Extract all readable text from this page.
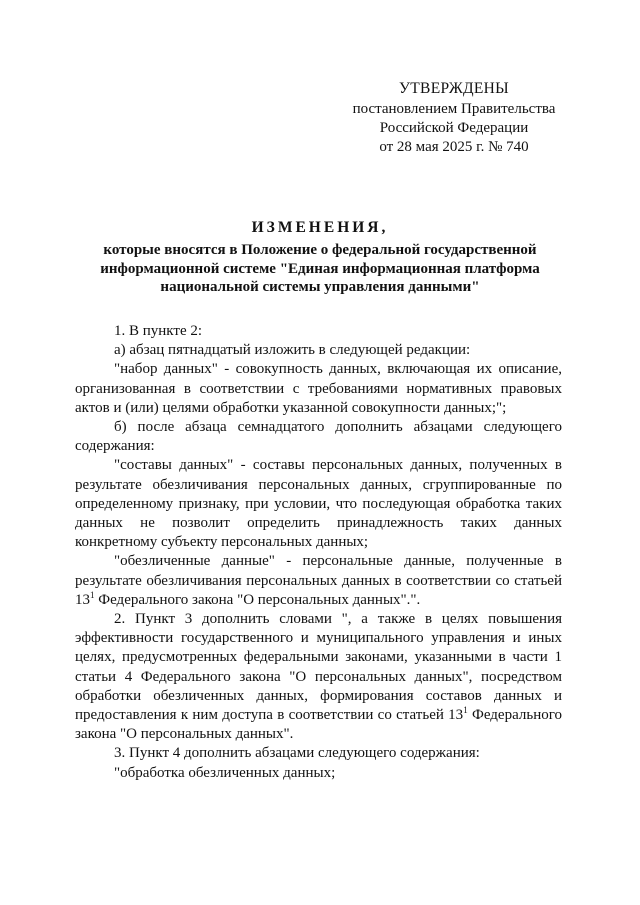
УТВЕРЖДЕНЫ
постановлением Правительства
Российской Федерации
от 28 мая 2025 г. № 740
ИЗМЕНЕНИЯ,
которые вносятся в Положение о федеральной государственной информационной системе "Единая информационная платформа национальной системы управления данными"

1. В пункте 2:

а) абзац пятнадцатый изложить в следующей редакции:

"набор данных" - совокупность данных, включающая их описание, организованная в соответствии с требованиями нормативных правовых актов и (или) целями обработки указанной совокупности данных;";

б) после абзаца семнадцатого дополнить абзацами следующего содержания:

"составы данных" - составы персональных данных, полученных в результате обезличивания персональных данных, сгруппированные по определенному признаку, при условии, что последующая обработка таких данных не позволит определить принадлежность таких данных конкретному субъекту персональных данных;

"обезличенные данные" - персональные данные, полученные в результате обезличивания персональных данных в соответствии со статьей $13^1$ Федерального закона "О персональных данных".".

2. Пункт 3 дополнить словами ", а также в целях повышения эффективности государственного и муниципального управления и иных целях, предусмотренных федеральными законами, указанными в части 1 статьи 4 Федерального закона "О персональных данных", посредством обработки обезличенных данных, формирования составов данных и предоставления к ним доступа в соответствии со статьей $13^1$ Федерального закона "О персональных данных".

3. Пункт 4 дополнить абзацами следующего содержания:

"обработка обезличенных данных;
